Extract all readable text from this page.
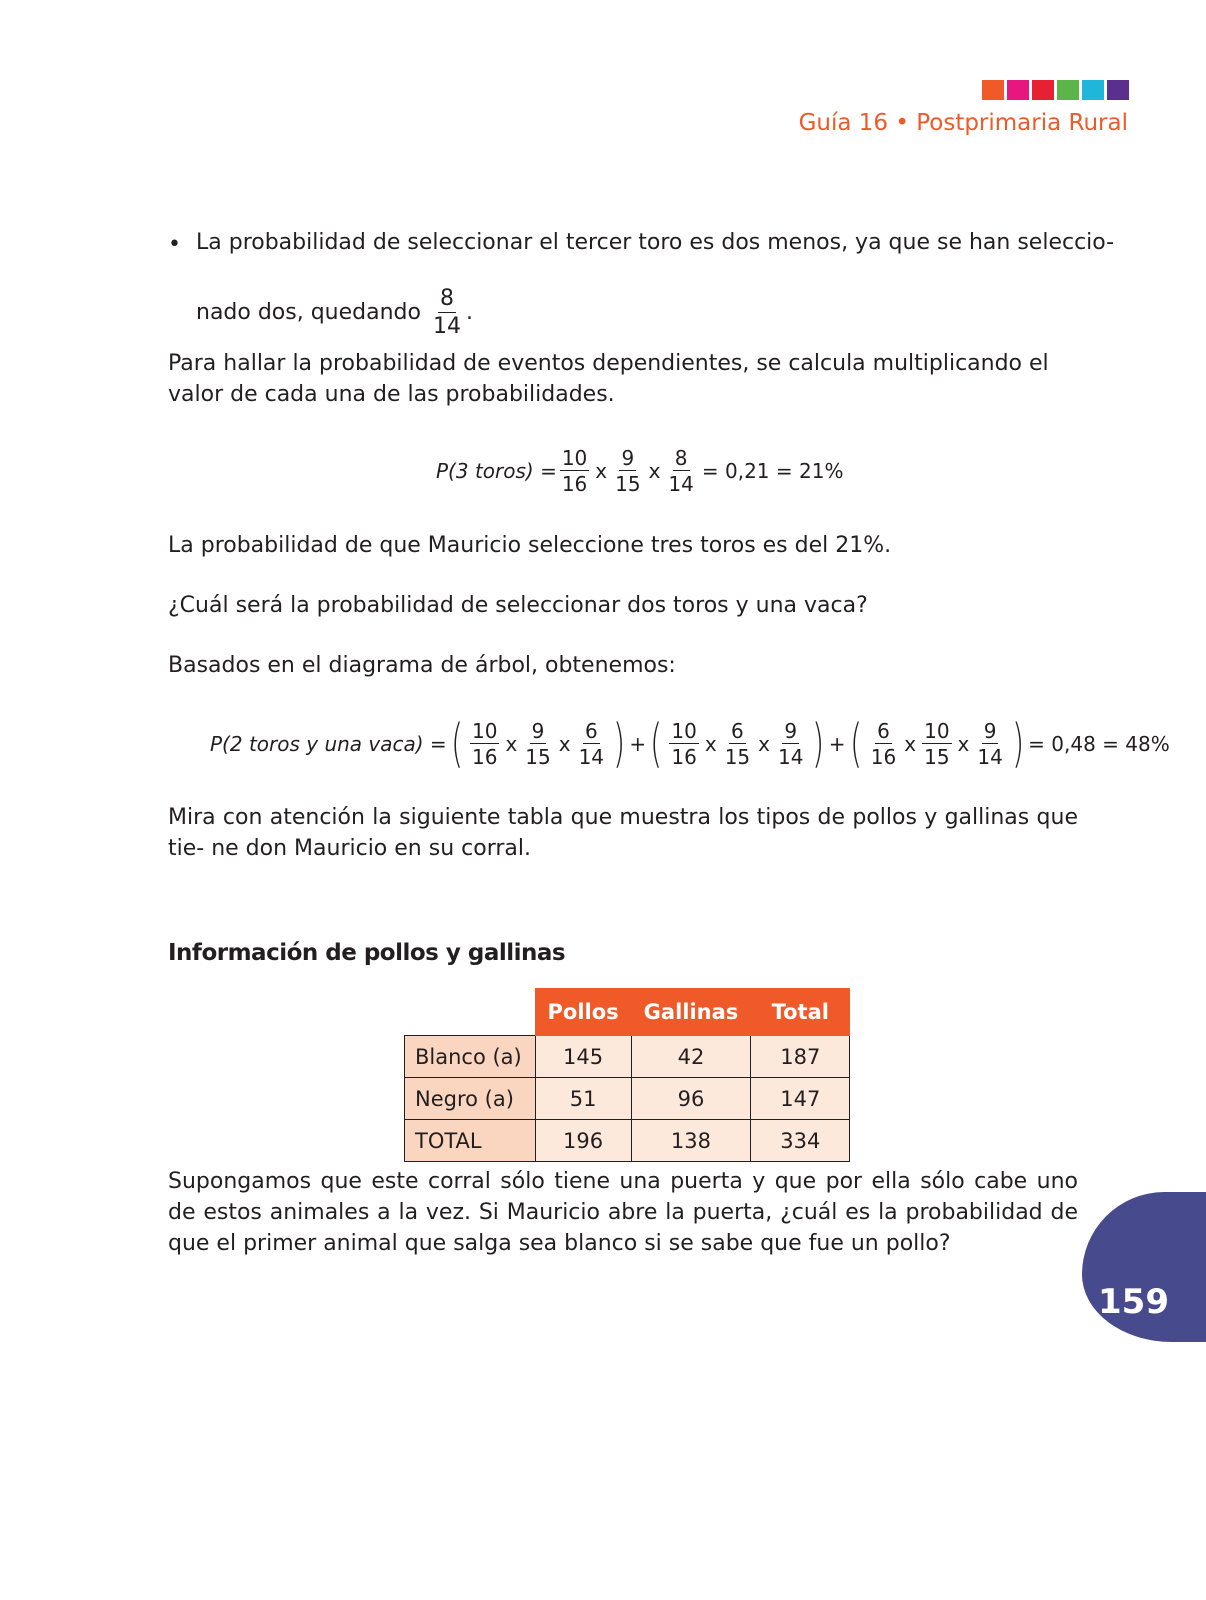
Guía 16 • Postprimaria Rural
• La probabilidad de seleccionar el tercer toro es dos menos, ya que se han seleccio-
nado dos, quedando $\frac{8}{14}$ .

Para hallar la probabilidad de eventos dependientes, se calcula multiplicando el valor de cada una de las probabilidades.

P(3 toros) = $\frac{10}{16}$ x $\frac{9}{15}$ x $\frac{8}{14} = 0,21 = 21\%$

La probabilidad de que Mauricio seleccione tres toros es del 21%.

¿Cuál será la probabilidad de seleccionar dos toros y una vaca?

Basados en el diagrama de árbol, obtenemos:

P(2 toros y una vaca) = ( $\frac{10}{16}$ x $\frac{9}{15}$ x $\frac{6}{14}$ ) + ( $\frac{10}{16}$ x $\frac{6}{15}$ x $\frac{9}{14}$ ) + ( $\frac{6}{16}$ x $\frac{10}{15}$ x $\frac{9}{14}$ ) = 0,48 = 48%

Mira con atención la siguiente tabla que muestra los tipos de pollos y gallinas que tie- ne don Mauricio en su corral.

Información de pollos y gallinas
	Pollos	Gallinas	Total
Blanco (a)	145	42	187
Negro (a)	51	96	147
TOTAL	196	138	334

Supongamos que este corral sólo tiene una puerta y que por ella sólo cabe uno de estos animales a la vez. Si Mauricio abre la puerta, ¿cuál es la probabilidad de que el primer animal que salga sea blanco si se sabe que fue un pollo?

159
